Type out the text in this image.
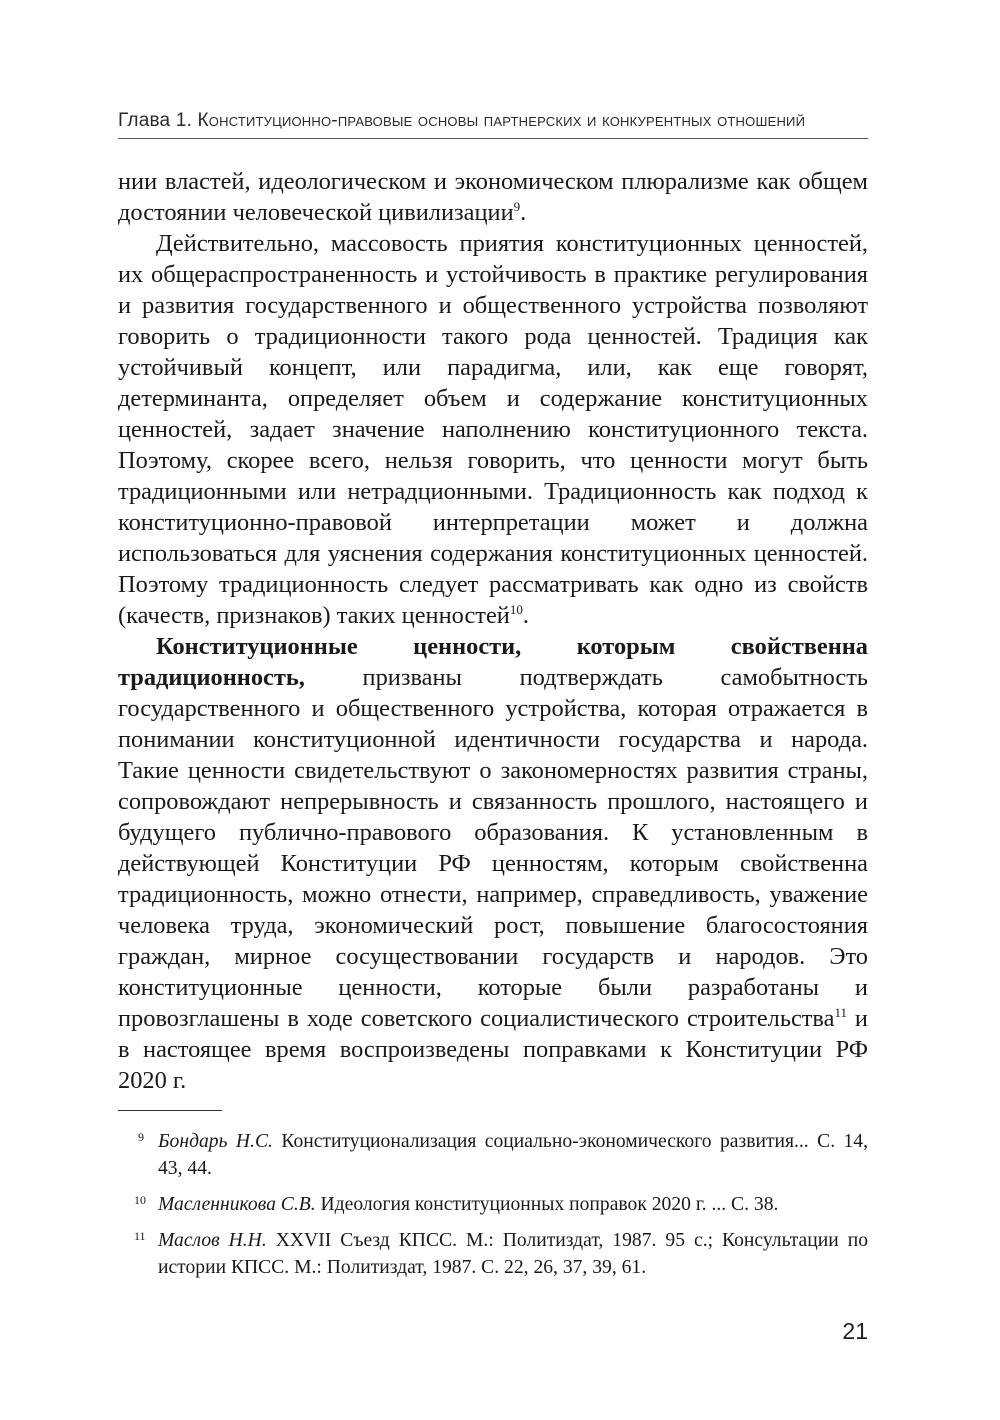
Глава 1. Конституционно-правовые основы партнерских и конкурентных отношений

нии властей, идеологическом и экономическом плюрализме как общем достоянии человеческой цивилизации$^9$.

Действительно, массовость приятия конституционных ценностей, их общераспространенность и устойчивость в практике регулирования и развития государственного и общественного устройства позволяют говорить о традиционности такого рода ценностей. Традиция как устойчивый концепт, или парадигма, или, как еще говорят, детерминанта, определяет объем и содержание конституционных ценностей, задает значение наполнению конституционного текста. Поэтому, скорее всего, нельзя говорить, что ценности могут быть традиционными или нетрадционными. Традиционность как подход к конституционно-правовой интерпретации может и должна использоваться для уяснения содержания конституционных ценностей. Поэтому традиционность следует рассматривать как одно из свойств (качеств, признаков) таких ценностей$^{10}$.

Конституционные ценности, которым свойственна традиционность, призваны подтверждать самобытность государственного и общественного устройства, которая отражается в понимании конституционной идентичности государства и народа. Такие ценности свидетельствуют о закономерностях развития страны, сопровождают непрерывность и связанность прошлого, настоящего и будущего публично-правового образования. К установленным в действующей Конституции РФ ценностям, которым свойственна традиционность, можно отнести, например, справедливость, уважение человека труда, экономический рост, повышение благосостояния граждан, мирное сосуществовании государств и народов. Это конституционные ценности, которые были разработаны и провозглашены в ходе советского социалистического строительства$^{11}$ и в настоящее время воспроизведены поправками к Конституции РФ 2020 г.

9 Бондарь Н.С. Конституционализация социально-экономического развития... С. 14, 43, 44.
10 Масленникова С.В. Идеология конституционных поправок 2020 г. ... С. 38.
11 Маслов Н.Н. XXVII Съезд КПСС. М.: Политиздат, 1987. 95 с.; Консультации по истории КПСС. М.: Политиздат, 1987. С. 22, 26, 37, 39, 61.
21
